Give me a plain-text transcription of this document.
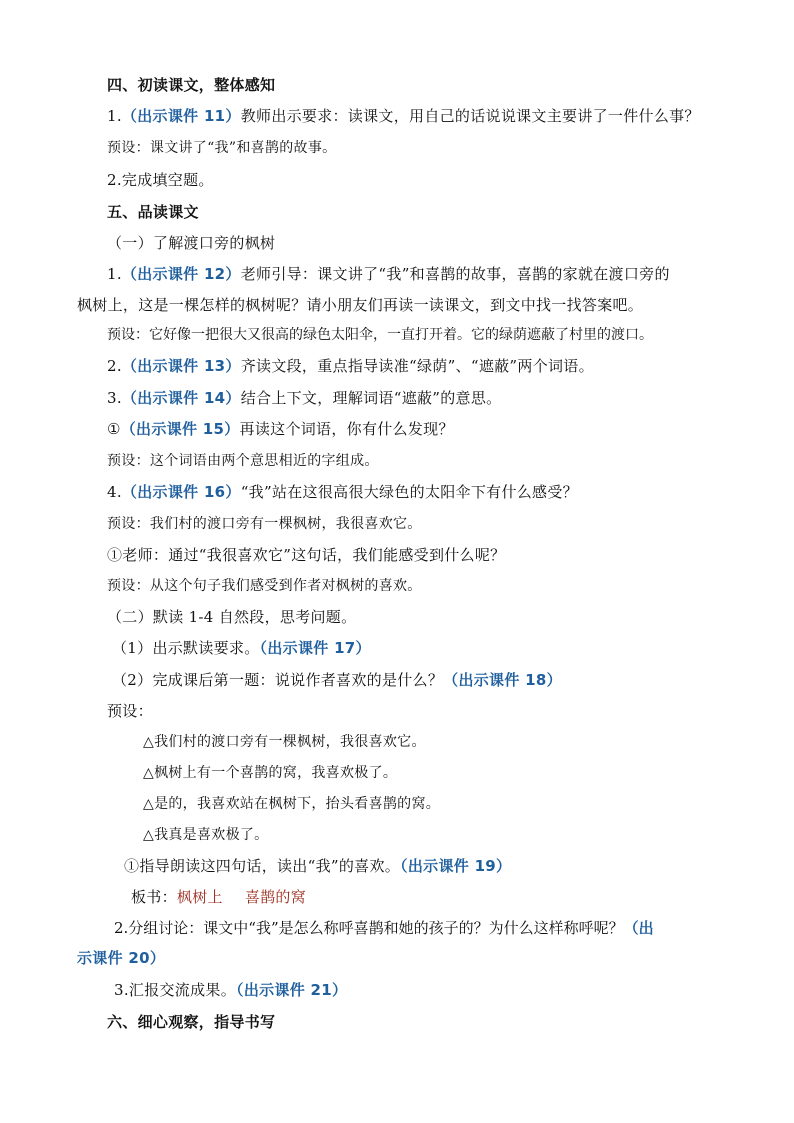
四、初读课文，整体感知
1.（出示课件 11）教师出示要求：读课文，用自己的话说说课文主要讲了一件什么事？
预设：课文讲了“我”和喜鹊的故事。
2.完成填空题。
五、品读课文
（一）了解渡口旁的枫树
1.（出示课件 12）老师引导：课文讲了“我”和喜鹊的故事，喜鹊的家就在渡口旁的
枫树上，这是一棵怎样的枫树呢？请小朋友们再读一读课文，到文中找一找答案吧。
预设：它好像一把很大又很高的绿色太阳伞，一直打开着。它的绿荫遮蔽了村里的渡口。
2.（出示课件 13）齐读文段，重点指导读准“绿荫”、“遮蔽”两个词语。
3.（出示课件 14）结合上下文，理解词语“遮蔽”的意思。
①（出示课件 15）再读这个词语，你有什么发现？
预设：这个词语由两个意思相近的字组成。
4.（出示课件 16）“我”站在这很高很大绿色的太阳伞下有什么感受？
预设：我们村的渡口旁有一棵枫树，我很喜欢它。
①老师：通过“我很喜欢它”这句话，我们能感受到什么呢？
预设：从这个句子我们感受到作者对枫树的喜欢。
（二）默读 1-4 自然段，思考问题。
（1）出示默读要求。（出示课件 17）
（2）完成课后第一题：说说作者喜欢的是什么？（出示课件 18）
预设：
△我们村的渡口旁有一棵枫树，我很喜欢它。
△枫树上有一个喜鹊的窝，我喜欢极了。
△是的，我喜欢站在枫树下，抬头看喜鹊的窝。
△我真是喜欢极了。
①指导朗读这四句话，读出“我”的喜欢。（出示课件 19）
板书：枫树上 喜鹊的窝
2.分组讨论：课文中“我”是怎么称呼喜鹊和她的孩子的？为什么这样称呼呢？（出
示课件 20）
3.汇报交流成果。（出示课件 21）
六、细心观察，指导书写
